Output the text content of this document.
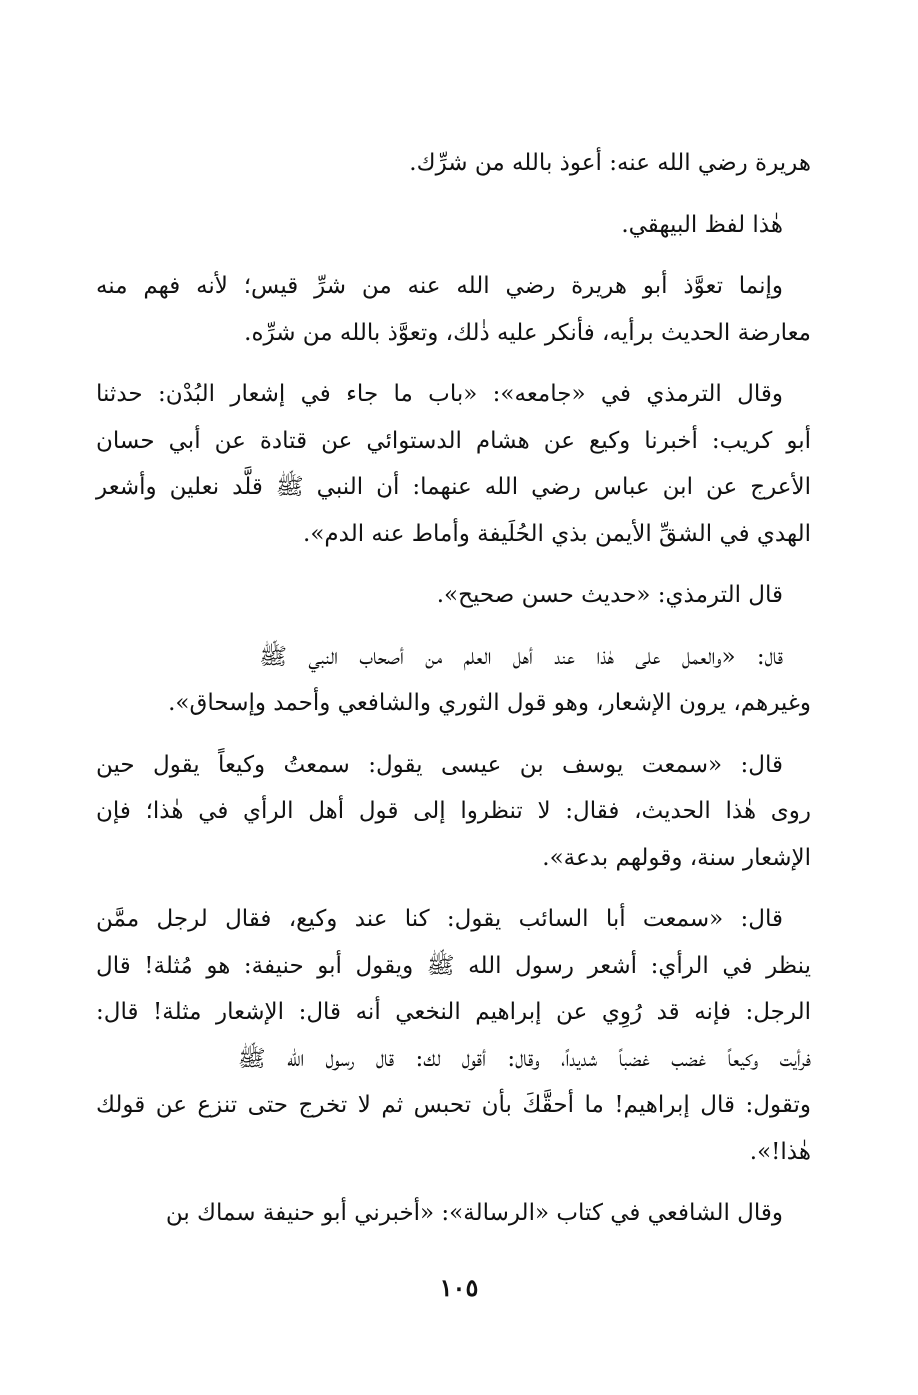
هريرة رضي الله عنه: أعوذ بالله من شرِّك.
هٰذا لفظ البيهقي.
وإنما تعوَّذ أبو هريرة رضي الله عنه من شرِّ قيس؛ لأنه فهم منه
معارضة الحديث برأيه، فأنكر عليه ذٰلك، وتعوَّذ بالله من شرِّه.
وقال الترمذي في «جامعه»: «باب ما جاء في إشعار البُدْن: حدثنا
أبو كريب: أخبرنا وكيع عن هشام الدستوائي عن قتادة عن أبي حسان
الأعرج عن ابن عباس رضي الله عنهما: أن النبي ﷺ قلَّد نعلين وأشعر
الهدي في الشقِّ الأيمن بذي الحُلَيفة وأماط عنه الدم».
قال الترمذي: «حديث حسن صحيح».
قال: «والعمل على هٰذا عند أهل العلم من أصحاب النبي ﷺ
وغيرهم، يرون الإشعار، وهو قول الثوري والشافعي وأحمد وإسحاق».
قال: «سمعت يوسف بن عيسى يقول: سمعتُ وكيعاً يقول حين
روى هٰذا الحديث، فقال: لا تنظروا إلى قول أهل الرأي في هٰذا؛ فإن
الإشعار سنة، وقولهم بدعة».
قال: «سمعت أبا السائب يقول: كنا عند وكيع، فقال لرجل ممَّن
ينظر في الرأي: أشعر رسول الله ﷺ ويقول أبو حنيفة: هو مُثلة! قال
الرجل: فإنه قد رُوِي عن إبراهيم النخعي أنه قال: الإشعار مثلة! قال:
فرأيت وكيعاً غضب غضباً شديداً، وقال: أقول لك: قال رسول الله ﷺ
وتقول: قال إبراهيم! ما أحقَّكَ بأن تحبس ثم لا تخرج حتى تنزع عن قولك
هٰذا!».
وقال الشافعي في كتاب «الرسالة»: «أخبرني أبو حنيفة سماك بن
١٠٥
